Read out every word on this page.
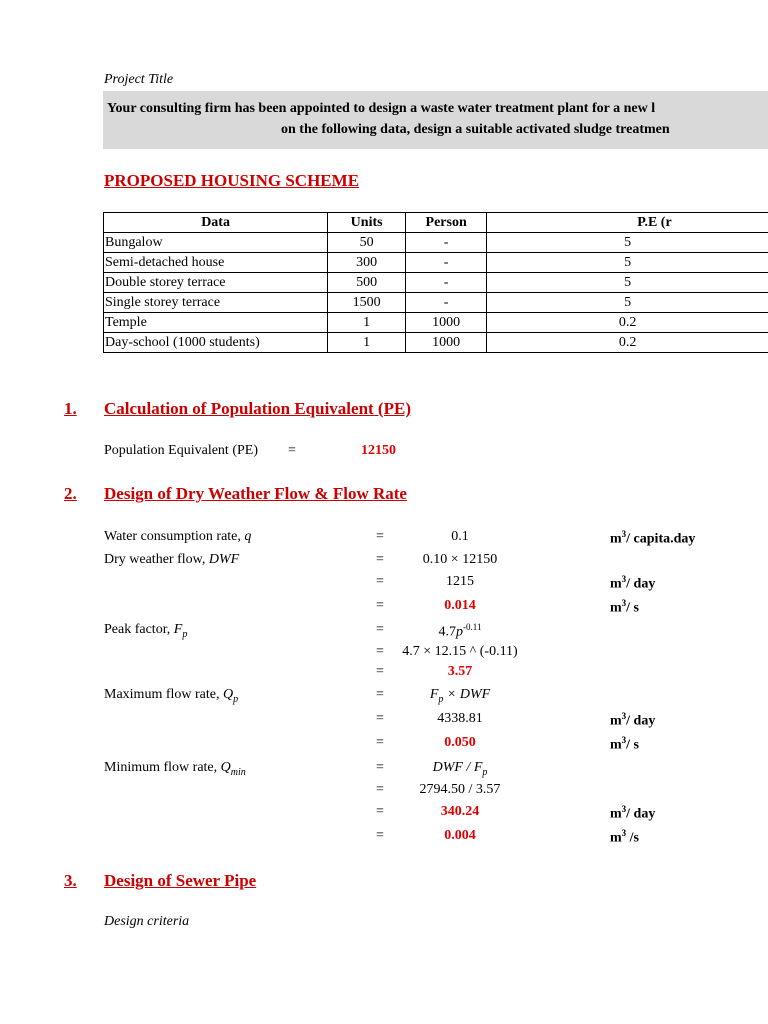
Project Title
Your consulting firm has been appointed to design a waste water treatment plant for a new l
on the following data, design a suitable activated sludge treatmen
PROPOSED HOUSING SCHEME
Data	Units	Person	P.E (r
Bungalow	50	-	5
Semi-detached house	300	-	5
Double storey terrace	500	-	5
Single storey terrace	1500	-	5
Temple	1	1000	0.2
Day-school (1000 students)	1	1000	0.2
1. Calculation of Population Equivalent (PE)
Population Equivalent (PE) =	12150
2. Design of Dry Weather Flow & Flow Rate
Water consumption rate, q	=	0.1	$m^3/$ capita.day
Dry weather flow, DWF	=	0.10 × 12150
=	1215	$m^3/$ day
=	0.014	$m^3/$ s
Peak factor, $F_p$	=	$4.7p^{-0.11}$
= 4.7 × 12.15 ^ (-0.11)
=	3.57
Maximum flow rate, $Q_p$	=	$F_p$ × DWF
=	4338.81	$m^3/$ day
=	0.050	$m^3/$ s
Minimum flow rate, $Q_{min}$	=	DWF / $F_p$
=	2794.50 / 3.57
=	340.24	$m^3/$ day
=	0.004	$m^3$ /s
3. Design of Sewer Pipe
Design criteria
